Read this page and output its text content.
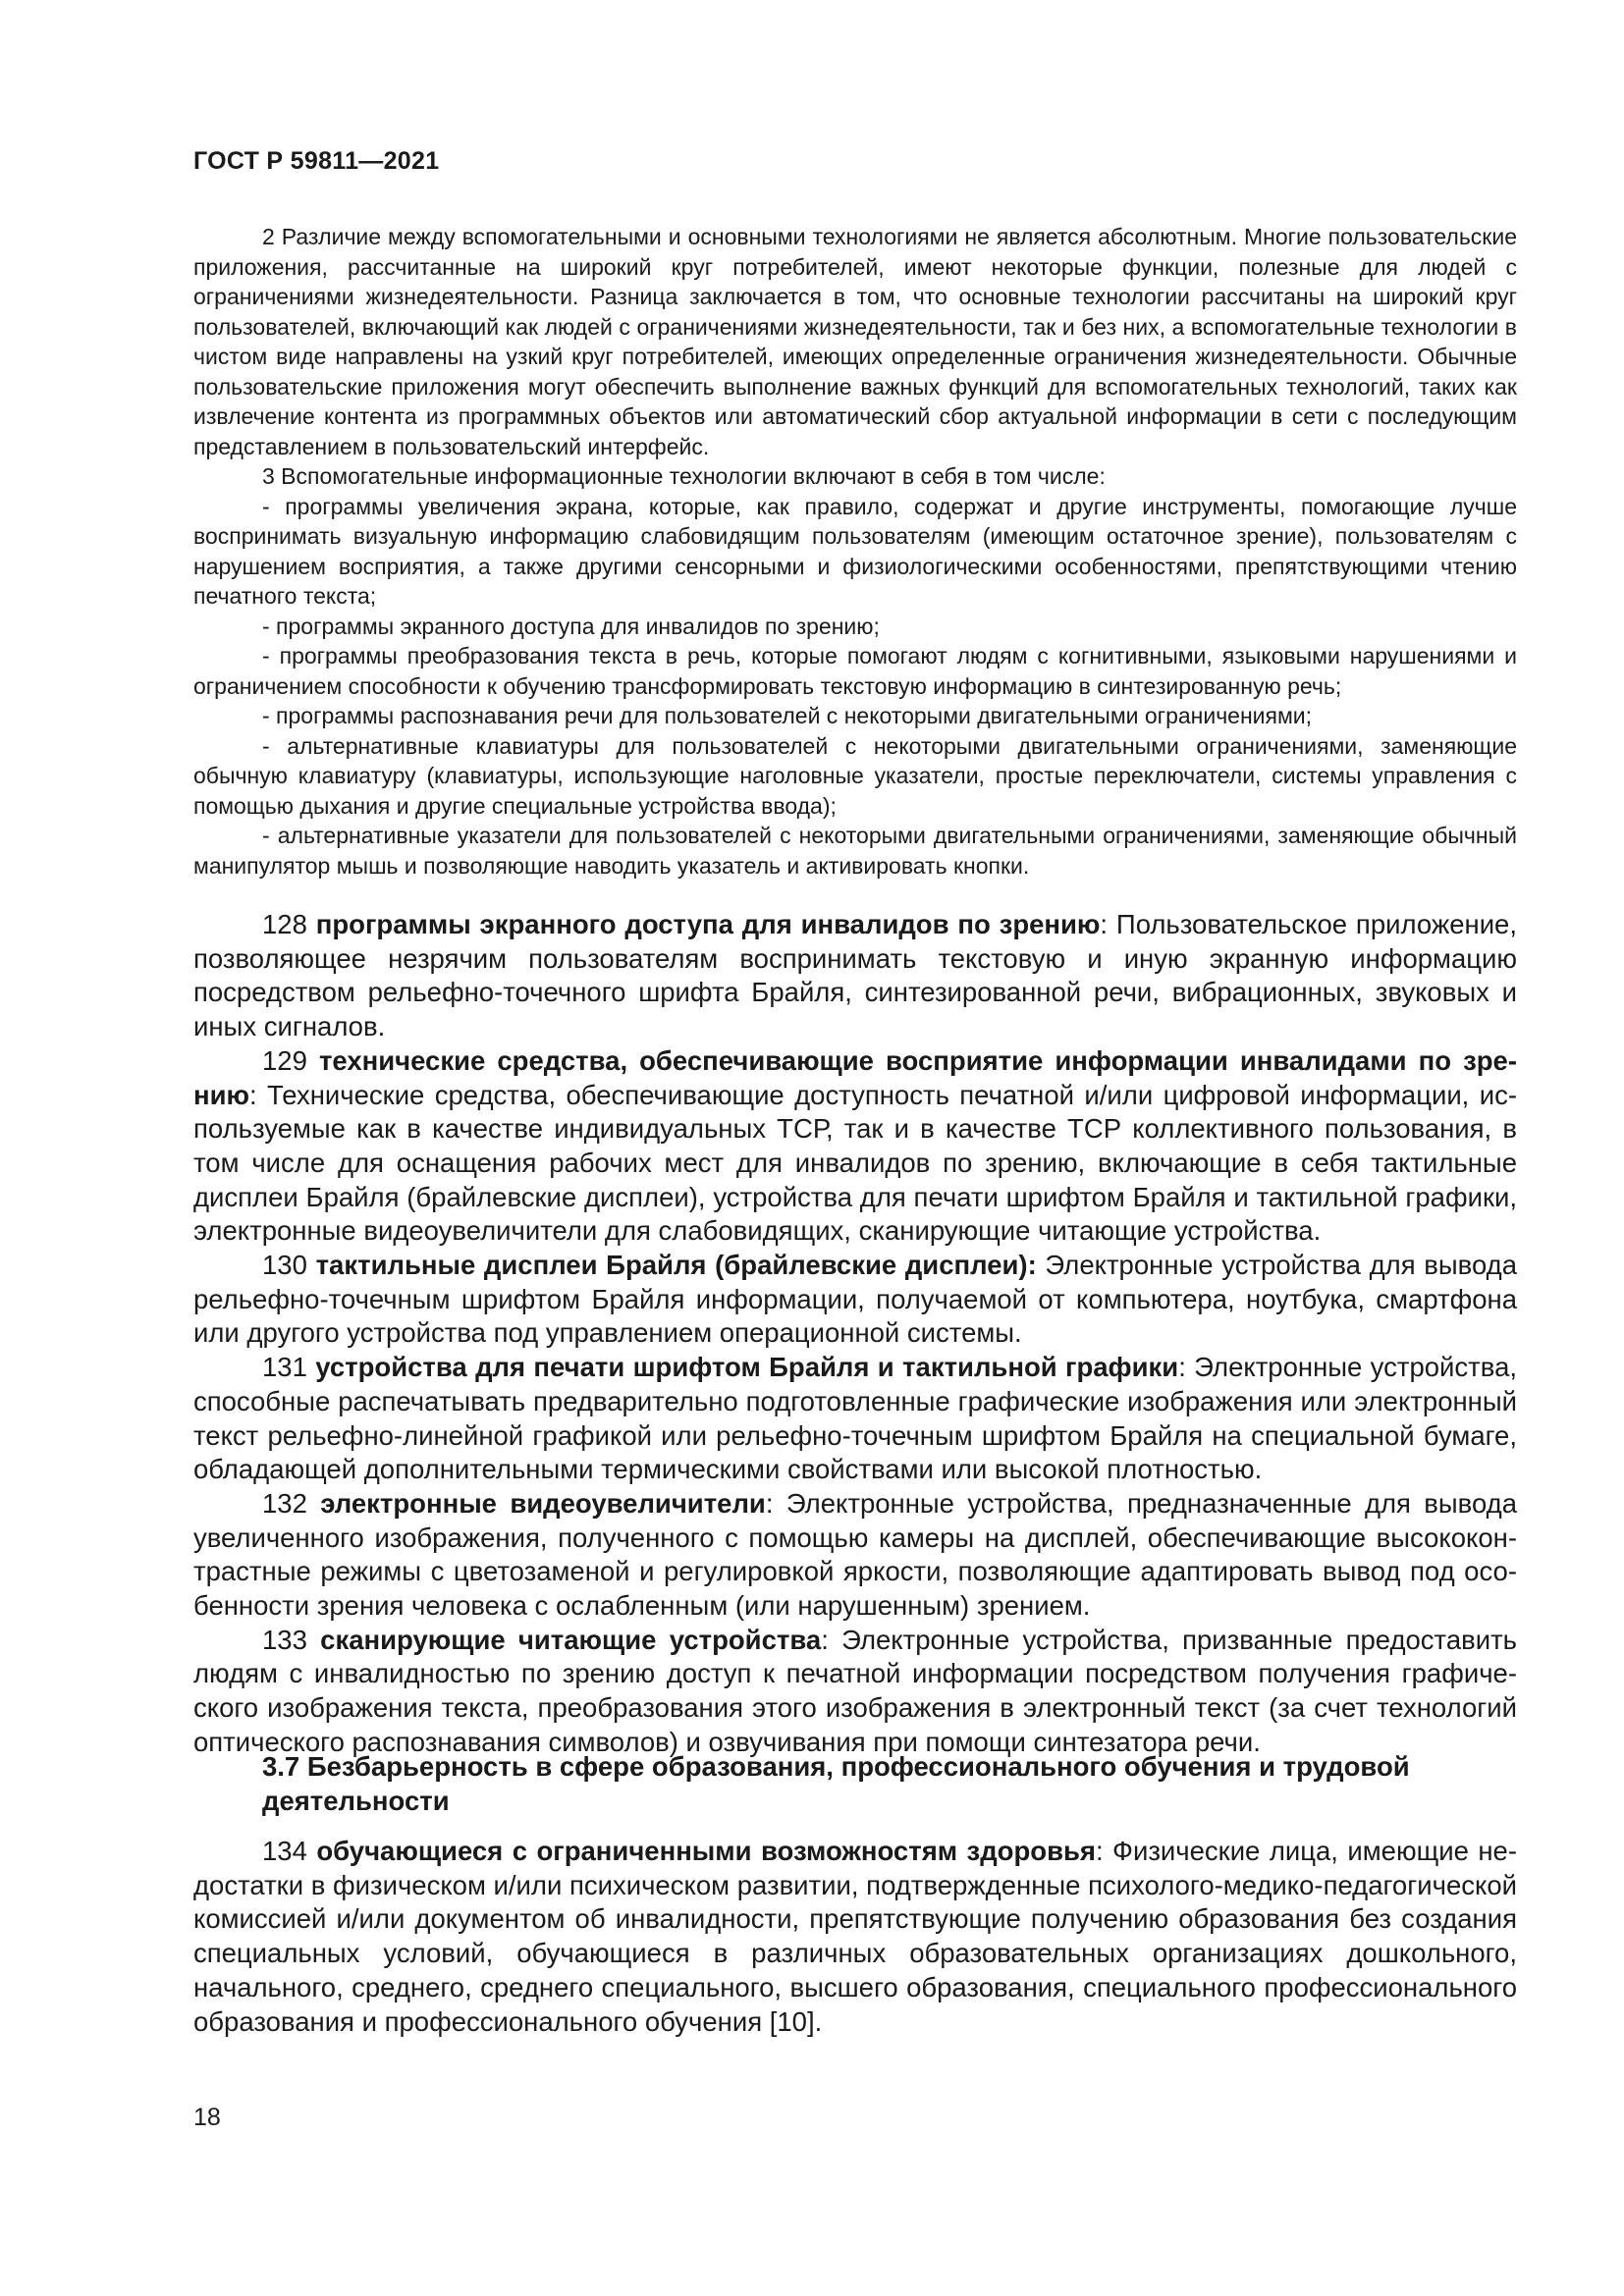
ГОСТ Р 59811—2021

2 Различие между вспомогательными и основными технологиями не является абсолютным. Многие пользовательские приложения, рассчитанные на широкий круг потребителей, имеют некоторые функции, полезные для людей с ограничениями жизнедеятельности. Разница заключается в том, что основные технологии рассчитаны на широкий круг пользователей, включающий как людей с ограничениями жизнедеятельности, так и без них, а вспомогательные технологии в чистом виде направлены на узкий круг потребителей, имеющих определенные ограничения жизнедеятельности. Обычные пользовательские приложения могут обеспечить выполнение важных функций для вспомогательных технологий, таких как извлечение контента из программных объектов или автоматический сбор актуальной информации в сети с последующим представлением в пользовательский интерфейс.

3 Вспомогательные информационные технологии включают в себя в том числе:

- программы увеличения экрана, которые, как правило, содержат и другие инструменты, помогающие лучше воспринимать визуальную информацию слабовидящим пользователям (имеющим остаточное зрение), пользователям с нарушением восприятия, а также другими сенсорными и физиологическими особенностями, препятствующими чтению печатного текста;

- программы экранного доступа для инвалидов по зрению;

- программы преобразования текста в речь, которые помогают людям с когнитивными, языковыми нарушениями и ограничением способности к обучению трансформировать текстовую информацию в синтезированную речь;

- программы распознавания речи для пользователей с некоторыми двигательными ограничениями;

- альтернативные клавиатуры для пользователей с некоторыми двигательными ограничениями, заменяющие обычную клавиатуру (клавиатуры, использующие наголовные указатели, простые переключатели, системы управления с помощью дыхания и другие специальные устройства ввода);

- альтернативные указатели для пользователей с некоторыми двигательными ограничениями, заменяющие обычный манипулятор мышь и позволяющие наводить указатель и активировать кнопки.

128 программы экранного доступа для инвалидов по зрению: Пользовательское приложение, позволяющее незрячим пользователям воспринимать текстовую и иную экранную информацию посредством рельефно-точечного шрифта Брайля, синтезированной речи, вибрационных, звуковых и иных сигналов.

129 технические средства, обеспечивающие восприятие информации инвалидами по зрению: Технические средства, обеспечивающие доступность печатной и/или цифровой информации, используемые как в качестве индивидуальных ТСР, так и в качестве ТСР коллективного пользования, в том числе для оснащения рабочих мест для инвалидов по зрению, включающие в себя тактильные дисплеи Брайля (брайлевские дисплеи), устройства для печати шрифтом Брайля и тактильной графики, электронные видеоувеличители для слабовидящих, сканирующие читающие устройства.

130 тактильные дисплеи Брайля (брайлевские дисплеи): Электронные устройства для вывода рельефно-точечным шрифтом Брайля информации, получаемой от компьютера, ноутбука, смартфона или другого устройства под управлением операционной системы.

131 устройства для печати шрифтом Брайля и тактильной графики: Электронные устройства, способные распечатывать предварительно подготовленные графические изображения или электронный текст рельефно-линейной графикой или рельефно-точечным шрифтом Брайля на специальной бумаге, обладающей дополнительными термическими свойствами или высокой плотностью.

132 электронные видеоувеличители: Электронные устройства, предназначенные для вывода увеличенного изображения, полученного с помощью камеры на дисплей, обеспечивающие высококонтрастные режимы с цветозаменой и регулировкой яркости, позволяющие адаптировать вывод под особенности зрения человека с ослабленным (или нарушенным) зрением.

133 сканирующие читающие устройства: Электронные устройства, призванные предоставить людям с инвалидностью по зрению доступ к печатной информации посредством получения графического изображения текста, преобразования этого изображения в электронный текст (за счет технологий оптического распознавания символов) и озвучивания при помощи синтезатора речи.

3.7 Безбарьерность в сфере образования, профессионального обучения и трудовой деятельности

134 обучающиеся с ограниченными возможностям здоровья: Физические лица, имеющие недостатки в физическом и/или психическом развитии, подтвержденные психолого-медико-педагогической комиссией и/или документом об инвалидности, препятствующие получению образования без создания специальных условий, обучающиеся в различных образовательных организациях дошкольного, начального, среднего, среднего специального, высшего образования, специального профессионального образования и профессионального обучения [10].

18
